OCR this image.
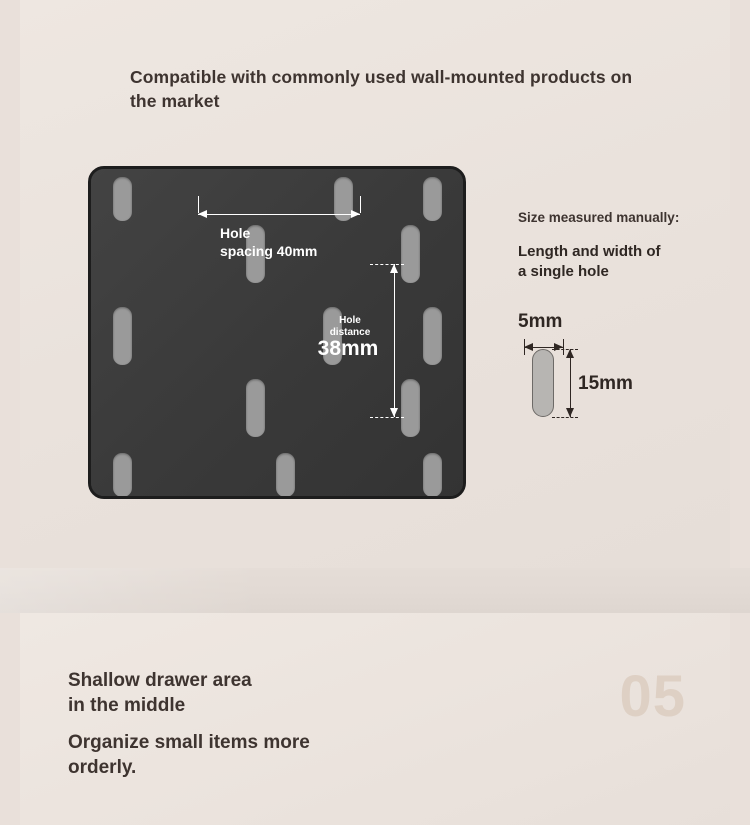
Compatible with commonly used wall-mounted products on the market
Hole
spacing 40mm
Hole
distance
38mm
Size measured manually:
Length and width of
a single hole
5mm
15mm
Shallow drawer area
in the middle
Organize small items more
orderly.
05
